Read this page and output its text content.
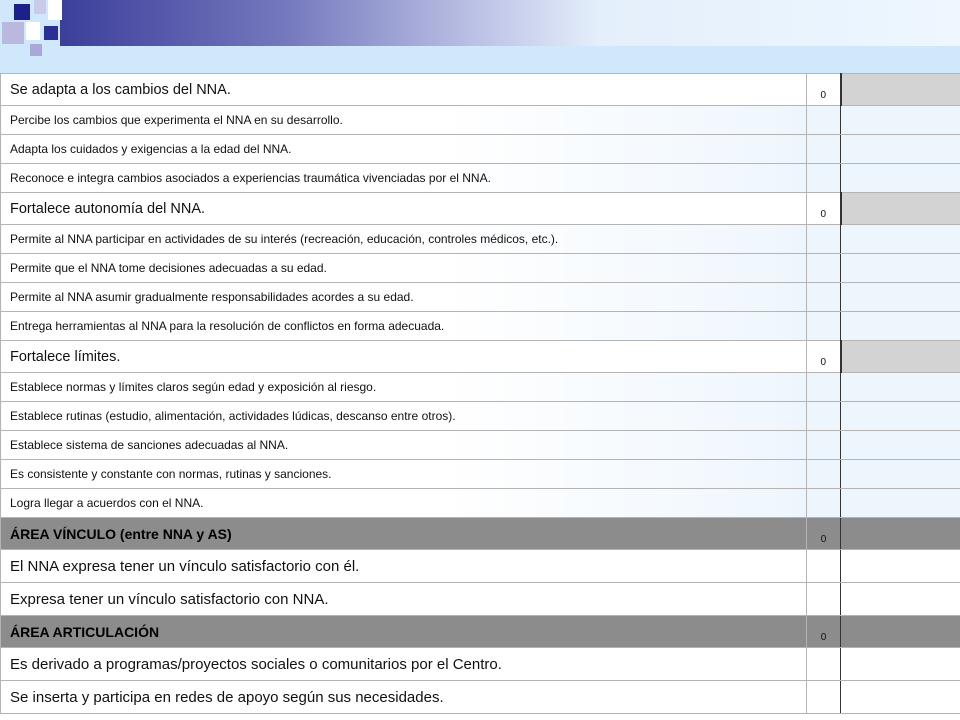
Se adapta a los cambios del NNA.	$_0$	
Percibe los cambios que experimenta el NNA en su desarrollo.		
Adapta los cuidados y exigencias a la edad del NNA.		
Reconoce e integra cambios asociados a experiencias traumática vivenciadas por el NNA.		
Fortalece autonomía del NNA.	$_0$	
Permite al NNA participar en actividades de su interés (recreación, educación, controles médicos, etc.).		
Permite que el NNA tome decisiones adecuadas a su edad.		
Permite al NNA asumir gradualmente responsabilidades acordes a su edad.		
Entrega herramientas al NNA para la resolución de conflictos en forma adecuada.		
Fortalece límites.	$_0$	
Establece normas y límites claros según edad y exposición al riesgo.		
Establece rutinas (estudio, alimentación, actividades lúdicas, descanso entre otros).		
Establece sistema de sanciones adecuadas al NNA.		
Es consistente y constante con normas, rutinas y sanciones.		
Logra llegar a acuerdos con el NNA.		
ÁREA VÍNCULO (entre NNA y AS)	$_0$	
El NNA expresa tener un vínculo satisfactorio con él.		
Expresa tener un vínculo satisfactorio con NNA.		
ÁREA ARTICULACIÓN	$_0$	
Es derivado a programas/proyectos sociales o comunitarios por el Centro.		
Se inserta y participa en redes de apoyo según sus necesidades.		
